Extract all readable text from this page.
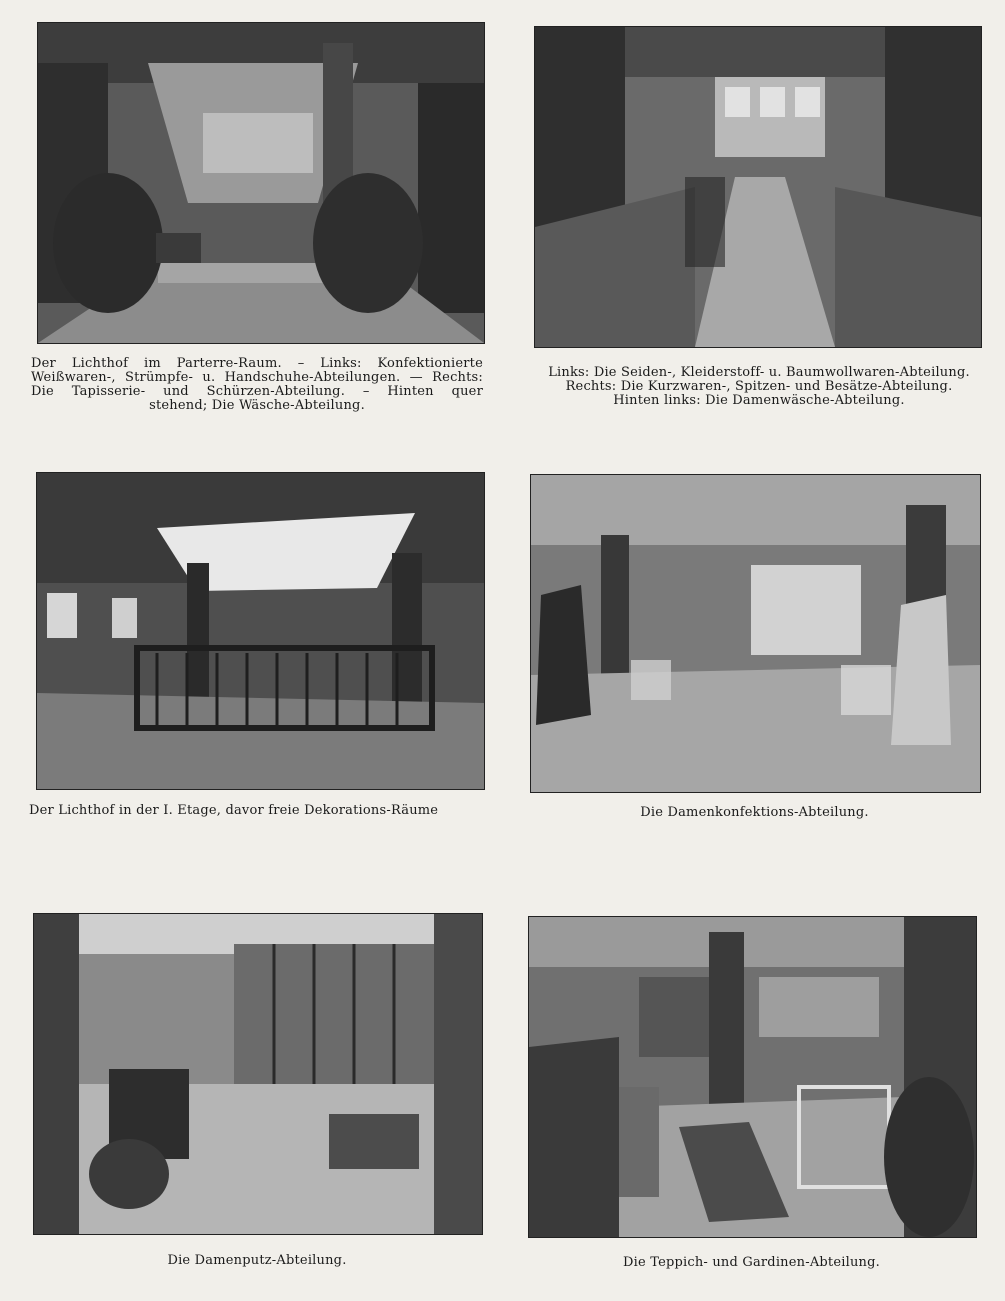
Der Lichthof im Parterre-Raum. – Links: Konfektionierte
Weißwaren-, Strümpfe- u. Handschuhe-Abteilungen. — Rechts:
Die Tapisserie- und Schürzen-Abteilung. – Hinten quer
stehend; Die Wäsche-Abteilung.
Links: Die Seiden-, Kleiderstoff- u. Baumwollwaren-Abteilung.
Rechts: Die Kurzwaren-, Spitzen- und Besätze-Abteilung.
Hinten links: Die Damenwäsche-Abteilung.
Der Lichthof in der I. Etage, davor freie Dekorations-Räume	Die Damenkonfektions-Abteilung.
Die Damenputz-Abteilung.	Die Teppich- und Gardinen-Abteilung.
